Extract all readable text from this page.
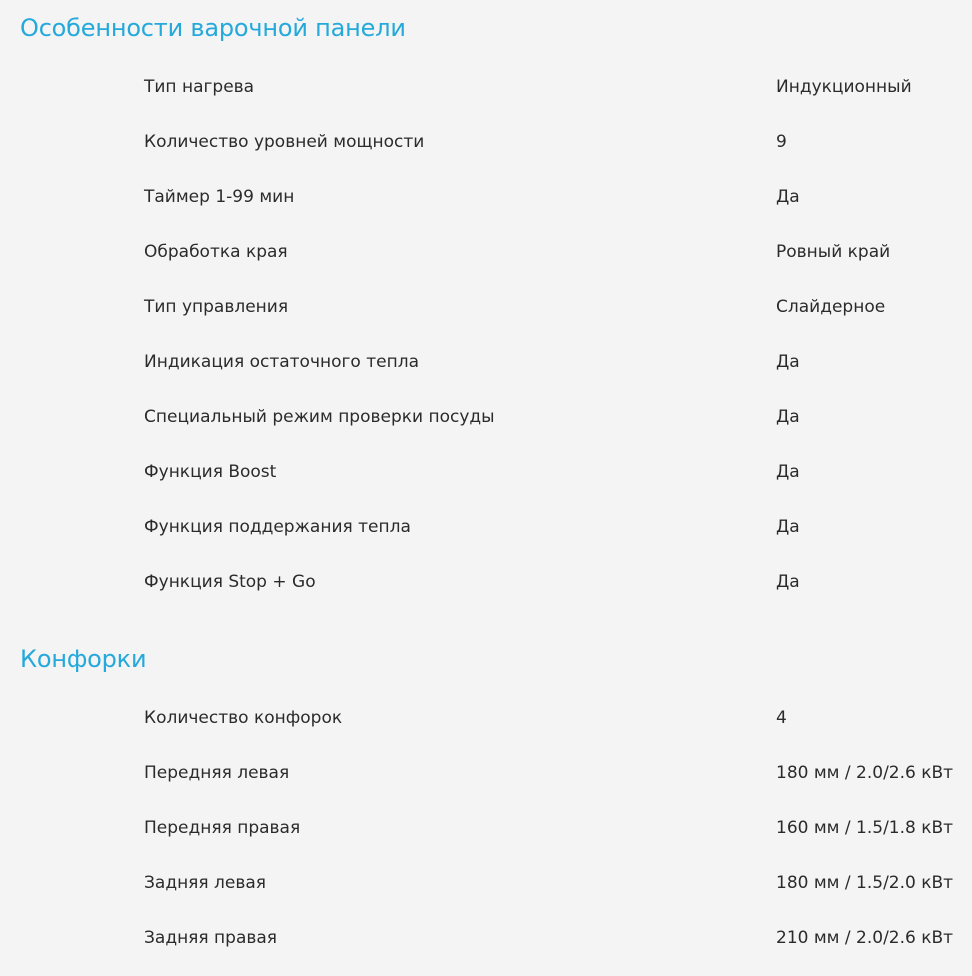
Особенности варочной панели
Тип нагрева	Индукционный
Количество уровней мощности	9
Таймер 1-99 мин	Да
Обработка края	Ровный край
Тип управления	Слайдерное
Индикация остаточного тепла	Да
Специальный режим проверки посуды	Да
Функция Boost	Да
Функция поддержания тепла	Да
Функция Stop + Go	Да
Конфорки
Количество конфорок	4
Передняя левая	180 мм / 2.0/2.6 кВт
Передняя правая	160 мм / 1.5/1.8 кВт
Задняя левая	180 мм / 1.5/2.0 кВт
Задняя правая	210 мм / 2.0/2.6 кВт
